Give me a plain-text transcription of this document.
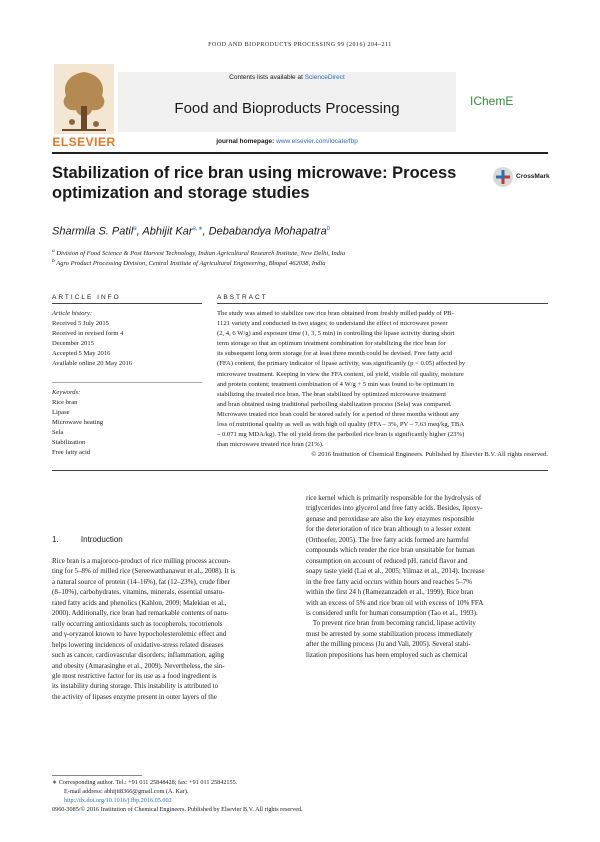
FOOD AND BIOPRODUCTS PROCESSING 99 (2016) 204–211
ELSEVIER
Contents lists available at ScienceDirect
Food and Bioproducts Processing
journal homepage: www.elsevier.com/locate/fbp
IChemE
Stabilization of rice bran using microwave: Process optimization and storage studies
CrossMark
Sharmila S. Patil$^a$, Abhijit Kar$^{a,∗}$, Debabandya Mohapatra$^b$
$^a$ Division of Food Science & Post Harvest Technology, Indian Agricultural Research Institute, New Delhi, India
$^b$ Agro Product Processing Division, Central Institute of Agricultural Engineering, Bhopal 462038, India
ARTICLE INFO
Article history:
Received 5 July 2015
Received in revised form 4
December 2015
Accepted 5 May 2016
Available online 20 May 2016
Keywords:
Rice bran
Lipase
Microwave heating
Sela
Stabilization
Free fatty acid
ABSTRACT
The study was aimed to stabilize raw rice bran obtained from freshly milled paddy of PB-
1121 variety and conducted in two stages; to understand the effect of microwave power
(2, 4, 6 W/g) and exposure time (1, 3, 5 min) in controlling the lipase activity during short
term storage so that an optimum treatment combination for stabilizing the rice bran for
its subsequent long term storage for at least three month could be devised. Free fatty acid
(FFA) content, the primary indicator of lipase activity, was significantly (p < 0.05) affected by
microwave treatment. Keeping in view the FFA content, oil yield, visible oil quality, moisture
and protein content; treatment combination of 4 W/g + 5 min was found to be optimum in
stabilizing the treated rice bran. The bran stabilized by optimized microwave treatment
and bran obtained using traditional parboiling stabilization process (Sela) was compared.
Microwave treated rice bran could be stored safely for a period of three months without any
loss of nutritional quality as well as with high oil quality (FFA – 3%, PV – 7.63 meq/kg, TBA
– 0.071 mg MDA/kg). The oil yield from the parboiled rice bran is significantly higher (23%)
than microwave treated rice bran (21%).
© 2016 Institution of Chemical Engineers. Published by Elsevier B.V. All rights reserved.
1.	Introduction
Rice bran is a majoroco-product of rice milling process accoun-
ting for 5–8% of milled rice (Sereewatthanawut et al., 2008). It is
a natural source of protein (14–16%), fat (12–23%), crude fiber
(8–10%), carbohydrates, vitamins, minerals, essential unsatu-
rated fatty acids and phenolics (Kahlon, 2009; Malekian et al.,
2000). Additionally, rice bran had remarkable contents of natu-
rally occurring antioxidants such as tocopherols, tocotrienols
and γ-oryzanol known to have hypocholesterolemic effect and
helps lowering incidences of oxidative-stress related diseases
such as cancer, cardiovascular disorders, inflammation, aging
and obesity (Amarasinghe et al., 2009). Nevertheless, the sin-
gle most restrictive factor for its use as a food ingredient is
its instability during storage. This instability is attributed to
the activity of lipases enzyme present in outer layers of the
rice kernel which is primarily responsible for the hydrolysis of
triglycerides into glycerol and free fatty acids. Besides, lipoxy-
genase and peroxidase are also the key enzymes responsible
for the deterioration of rice bran although to a lesser extent
(Orthoefer, 2005). The free fatty acids formed are harmful
compounds which render the rice bran unsuitable for human
consumption on account of reduced pH, rancid flavor and
soapy taste yield (Lai et al., 2005; Yilmaz et al., 2014). Increase
in the free fatty acid occurs within hours and reaches 5–7%
within the first 24 h (Ramezanzadeh et al., 1999). Rice bran
with an excess of 5% and rice bran oil with excess of 10% FFA
is considered unfit for human consumption (Tao et al., 1993).
To prevent rice bran from becoming rancid, lipase activity
must be arrested by some stabilization process immediately
after the milling process (Ju and Vali, 2005). Several stabi-
lization prepositions has been employed such as chemical
∗ Corresponding author. Tel.: +91 011 25848428; fax: +91 011 25842155.
E-mail address: abhijit8366@gmail.com (A. Kar).
http://dx.doi.org/10.1016/j.fbp.2016.05.002
0960-3085/© 2016 Institution of Chemical Engineers. Published by Elsevier B.V. All rights reserved.
